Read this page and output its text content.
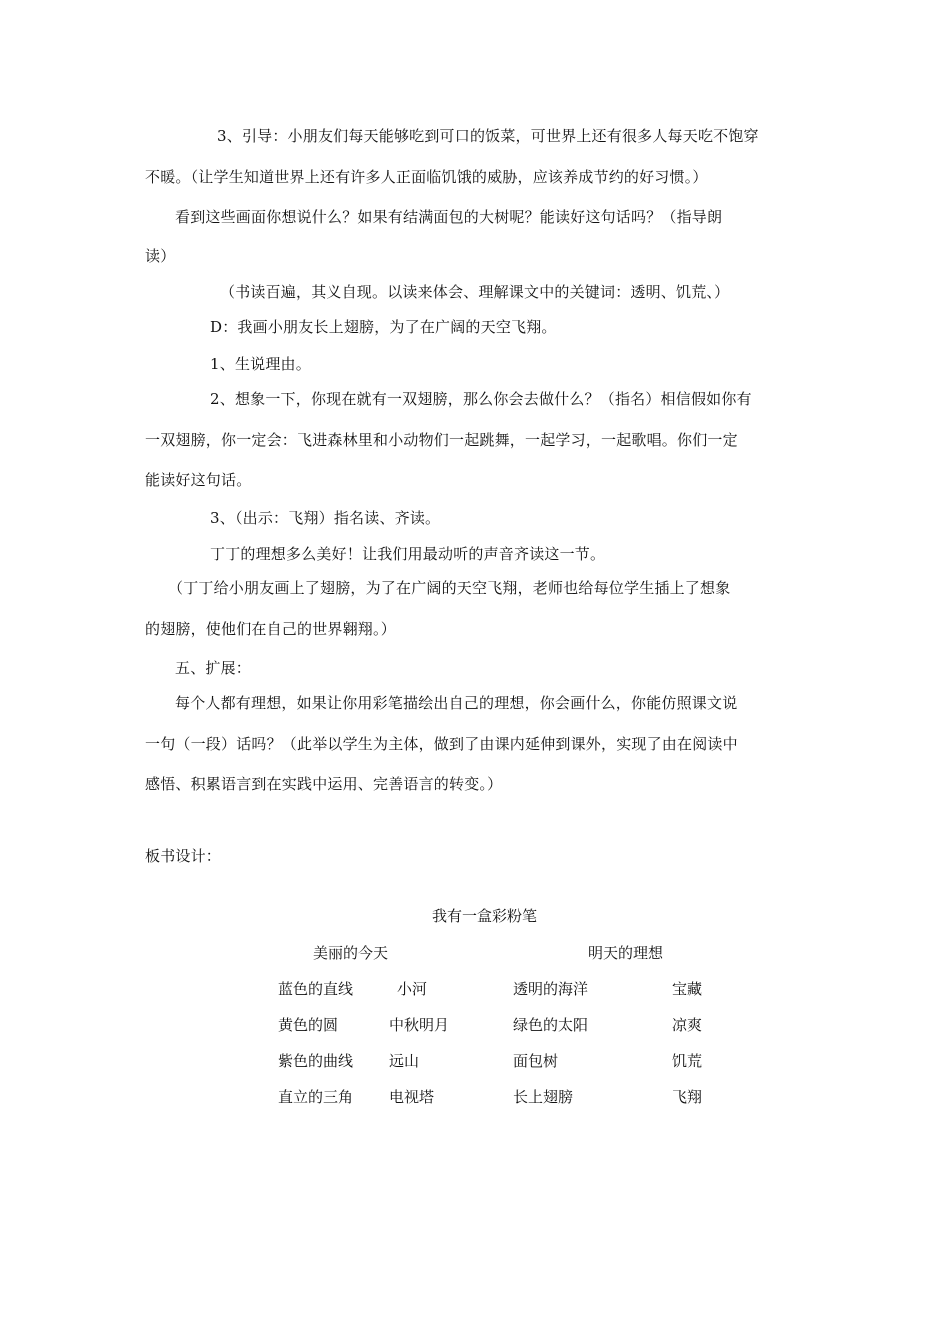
3、引导：小朋友们每天能够吃到可口的饭菜，可世界上还有很多人每天吃不饱穿
不暖。（让学生知道世界上还有许多人正面临饥饿的威胁，应该养成节约的好习惯。）
看到这些画面你想说什么？如果有结满面包的大树呢？能读好这句话吗？（指导朗
读）
（书读百遍，其义自现。以读来体会、理解课文中的关键词：透明、饥荒、）
D：我画小朋友长上翅膀，为了在广阔的天空飞翔。
1、生说理由。
2、想象一下，你现在就有一双翅膀，那么你会去做什么？（指名）相信假如你有
一双翅膀，你一定会：飞进森林里和小动物们一起跳舞，一起学习，一起歌唱。你们一定
能读好这句话。
3、（出示：飞翔）指名读、齐读。
丁丁的理想多么美好！让我们用最动听的声音齐读这一节。
（丁丁给小朋友画上了翅膀，为了在广阔的天空飞翔，老师也给每位学生插上了想象
的翅膀，使他们在自己的世界翱翔。）
五、扩展：
每个人都有理想，如果让你用彩笔描绘出自己的理想，你会画什么，你能仿照课文说
一句（一段）话吗？（此举以学生为主体，做到了由课内延伸到课外，实现了由在阅读中
感悟、积累语言到在实践中运用、完善语言的转变。）
板书设计：
我有一盒彩粉笔
美丽的今天	明天的理想
蓝色的直线	小河	透明的海洋	宝藏
黄色的圆	中秋明月	绿色的太阳	凉爽
紫色的曲线 远山	面包树	饥荒
直立的三角 电视塔	长上翅膀	飞翔
